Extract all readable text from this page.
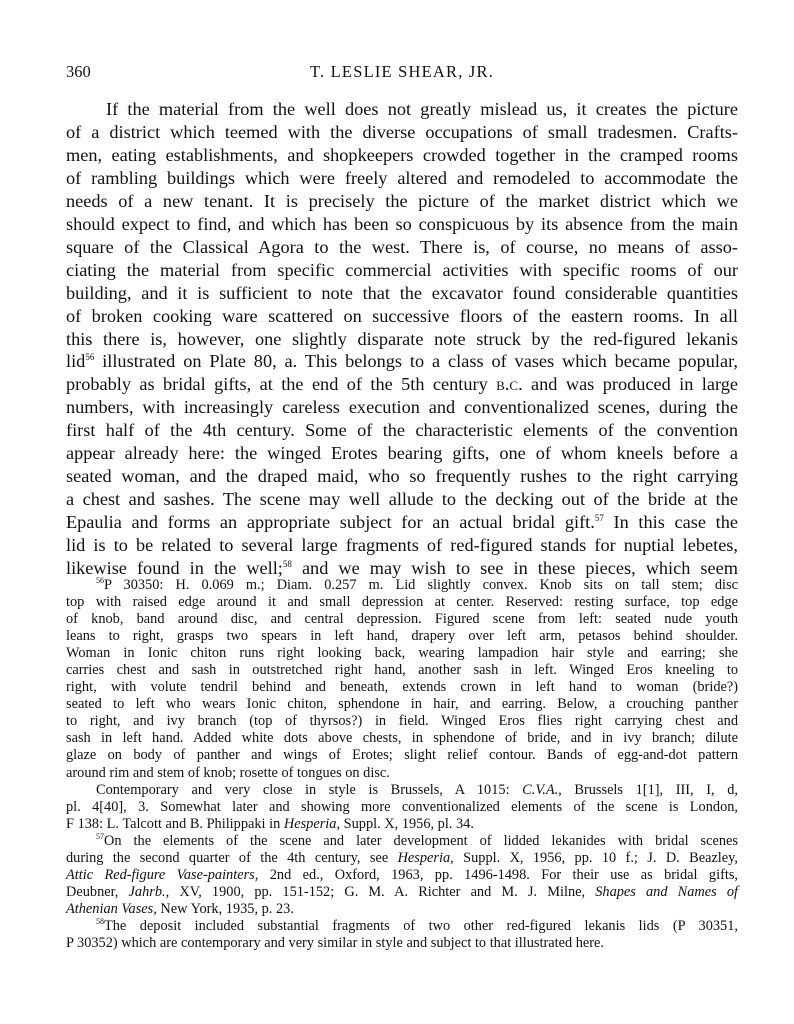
360	T. LESLIE SHEAR, JR.
If the material from the well does not greatly mislead us, it creates the picture
of a district which teemed with the diverse occupations of small tradesmen. Crafts-
men, eating establishments, and shopkeepers crowded together in the cramped rooms
of rambling buildings which were freely altered and remodeled to accommodate the
needs of a new tenant. It is precisely the picture of the market district which we
should expect to find, and which has been so conspicuous by its absence from the main
square of the Classical Agora to the west. There is, of course, no means of asso-
ciating the material from specific commercial activities with specific rooms of our
building, and it is sufficient to note that the excavator found considerable quantities
of broken cooking ware scattered on successive floors of the eastern rooms. In all
this there is, however, one slightly disparate note struck by the red-figured lekanis
lid$^{56}$ illustrated on Plate 80, a. This belongs to a class of vases which became popular,
probably as bridal gifts, at the end of the 5th century b.c. and was produced in large
numbers, with increasingly careless execution and conventionalized scenes, during the
first half of the 4th century. Some of the characteristic elements of the convention
appear already here: the winged Erotes bearing gifts, one of whom kneels before a
seated woman, and the draped maid, who so frequently rushes to the right carrying
a chest and sashes. The scene may well allude to the decking out of the bride at the
Epaulia and forms an appropriate subject for an actual bridal gift.$^{57}$ In this case the
lid is to be related to several large fragments of red-figured stands for nuptial lebetes,
likewise found in the well;$^{58}$ and we may wish to see in these pieces, which seem
$^{56}$P 30350: H. 0.069 m.; Diam. 0.257 m. Lid slightly convex. Knob sits on tall stem; disc
top with raised edge around it and small depression at center. Reserved: resting surface, top edge
of knob, band around disc, and central depression. Figured scene from left: seated nude youth
leans to right, grasps two spears in left hand, drapery over left arm, petasos behind shoulder.
Woman in Ionic chiton runs right looking back, wearing lampadion hair style and earring; she
carries chest and sash in outstretched right hand, another sash in left. Winged Eros kneeling to
right, with volute tendril behind and beneath, extends crown in left hand to woman (bride?)
seated to left who wears Ionic chiton, sphendone in hair, and earring. Below, a crouching panther
to right, and ivy branch (top of thyrsos?) in field. Winged Eros flies right carrying chest and
sash in left hand. Added white dots above chests, in sphendone of bride, and in ivy branch; dilute
glaze on body of panther and wings of Erotes; slight relief contour. Bands of egg-and-dot pattern
around rim and stem of knob; rosette of tongues on disc.
Contemporary and very close in style is Brussels, A 1015: C.V.A., Brussels 1[1], III, I, d,
pl. 4[40], 3. Somewhat later and showing more conventionalized elements of the scene is London,
F 138: L. Talcott and B. Philippaki in Hesperia, Suppl. X, 1956, pl. 34.
$^{57}$On the elements of the scene and later development of lidded lekanides with bridal scenes
during the second quarter of the 4th century, see Hesperia, Suppl. X, 1956, pp. 10 f.; J. D. Beazley,
Attic Red-figure Vase-painters, 2nd ed., Oxford, 1963, pp. 1496-1498. For their use as bridal gifts,
Deubner, Jahrb., XV, 1900, pp. 151-152; G. M. A. Richter and M. J. Milne, Shapes and Names of
Athenian Vases, New York, 1935, p. 23.
$^{58}$The deposit included substantial fragments of two other red-figured lekanis lids (P 30351,
P 30352) which are contemporary and very similar in style and subject to that illustrated here.
